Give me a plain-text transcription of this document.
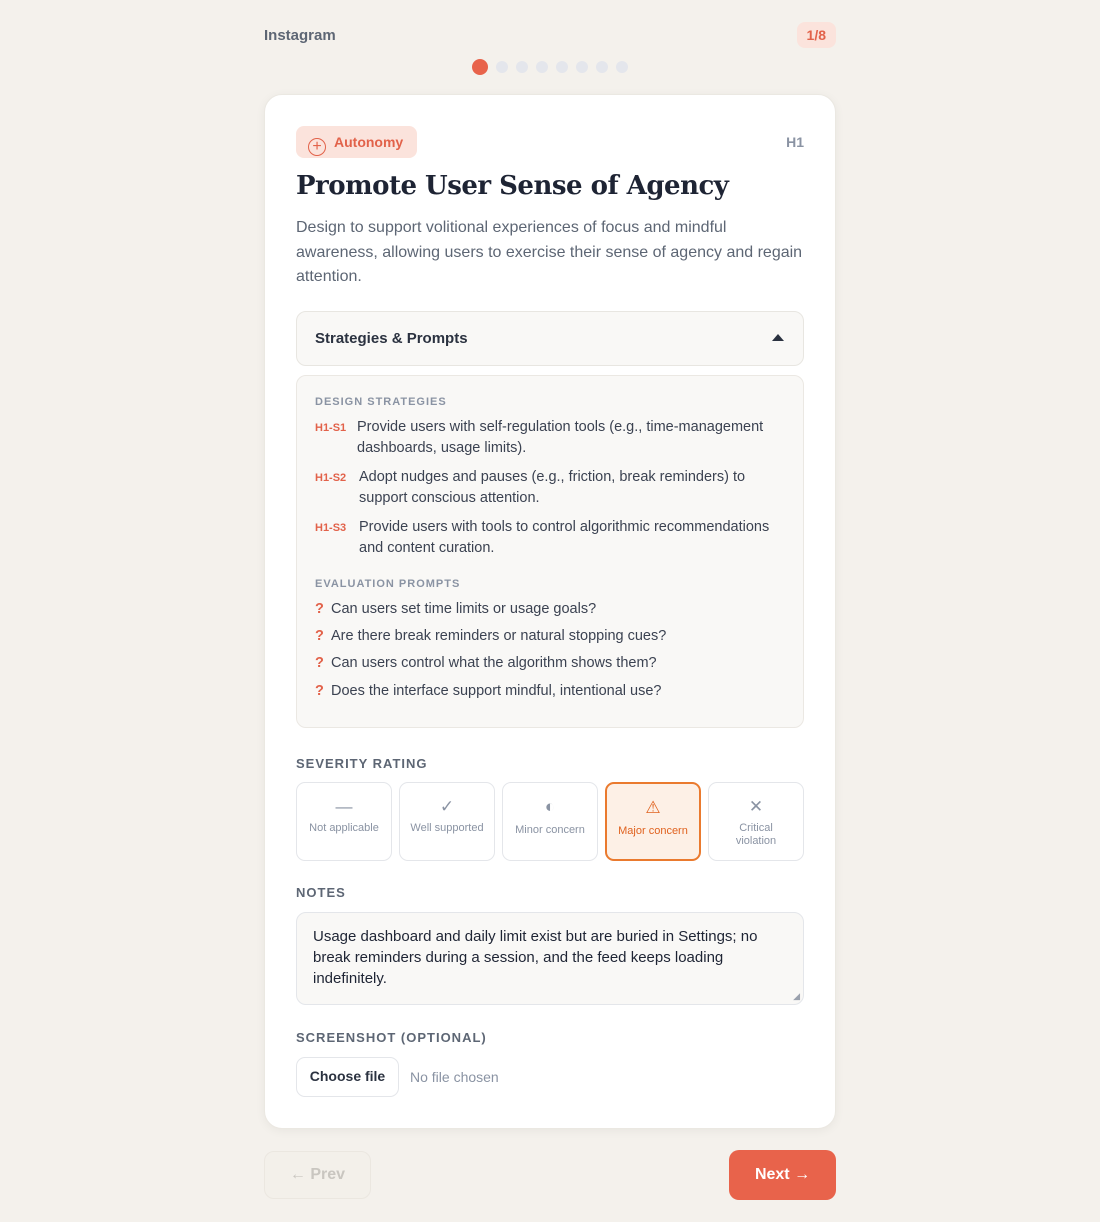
Instagram	1/8

+ Autonomy	H1
Promote User Sense of Agency

Design to support volitional experiences of focus and mindful awareness, allowing users to exercise their sense of agency and regain attention.

Strategies & Prompts
DESIGN STRATEGIES
H1-S1 Provide users with self-regulation tools (e.g., time-management dashboards, usage limits).
H1-S2 Adopt nudges and pauses (e.g., friction, break reminders) to support conscious attention.
H1-S3 Provide users with tools to control algorithmic recommendations and content curation.
EVALUATION PROMPTS
? Can users set time limits or usage goals?
? Are there break reminders or natural stopping cues?
? Can users control what the algorithm shows them?
? Does the interface support mindful, intentional use?
SEVERITY RATING
—
Not applicable
✓
Well supported
◐
Minor concern
⚠
Major concern
✕
Critical violation
NOTES
Usage dashboard and daily limit exist but are buried in Settings; no break reminders during a session, and the feed keeps loading indefinitely.
◢
SCREENSHOT (OPTIONAL)
Choose file	No file chosen
← Prev	Next →
